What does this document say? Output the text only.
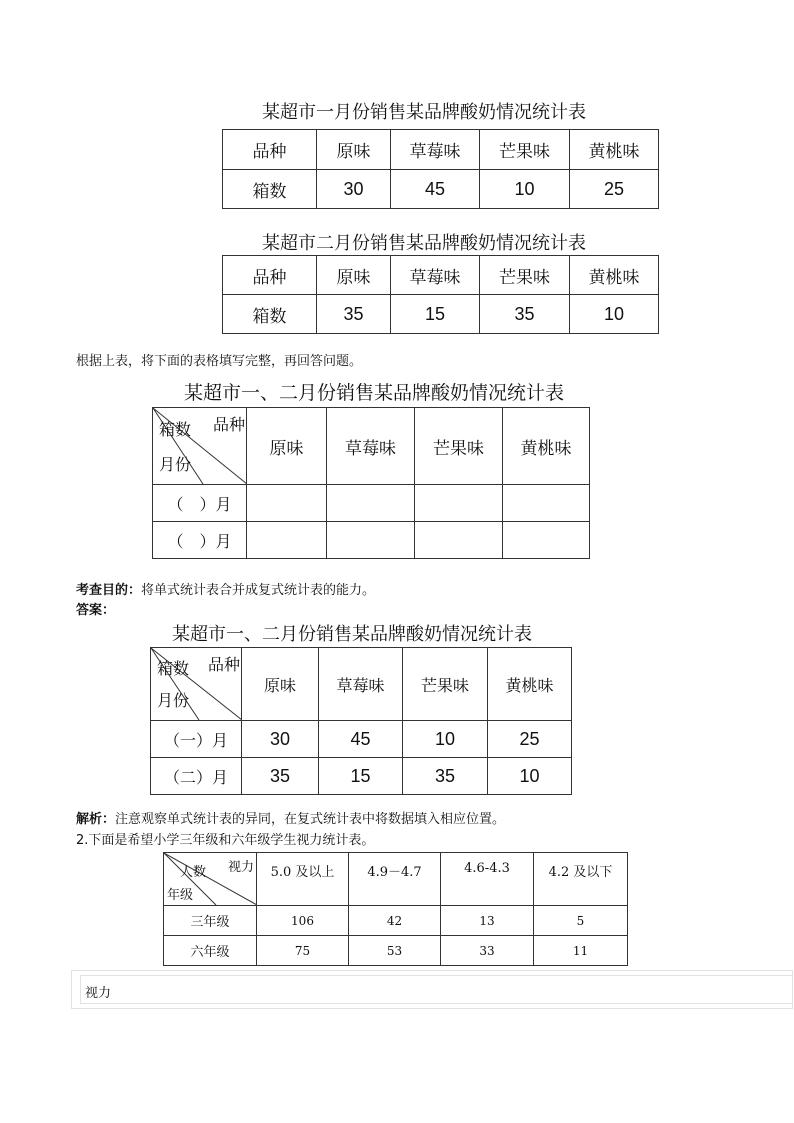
某超市一月份销售某品牌酸奶情况统计表
品种	原味	草莓味	芒果味	黄桃味
箱数	30	45	10	25
某超市二月份销售某品牌酸奶情况统计表
品种	原味	草莓味	芒果味	黄桃味
箱数	35	15	35	10
根据上表，将下面的表格填写完整，再回答问题。
某超市一、二月份销售某品牌酸奶情况统计表
品种
箱数
月份	原味	草莓味	芒果味	黄桃味
（　）月				
（　）月				
考查目的：将单式统计表合并成复式统计表的能力。
答案：
某超市一、二月份销售某品牌酸奶情况统计表
品种
箱数
月份	原味	草莓味	芒果味	黄桃味
（一）月	30	45	10	25
（二）月	35	15	35	10
解析：注意观察单式统计表的异同，在复式统计表中将数据填入相应位置。
2.下面是希望小学三年级和六年级学生视力统计表。
视力
人数
年级	5.0 及以上	4.9－4.7	4.6-4.3	4.2 及以下
三年级	106	42	13	5
六年级	75	53	33	11
视力
